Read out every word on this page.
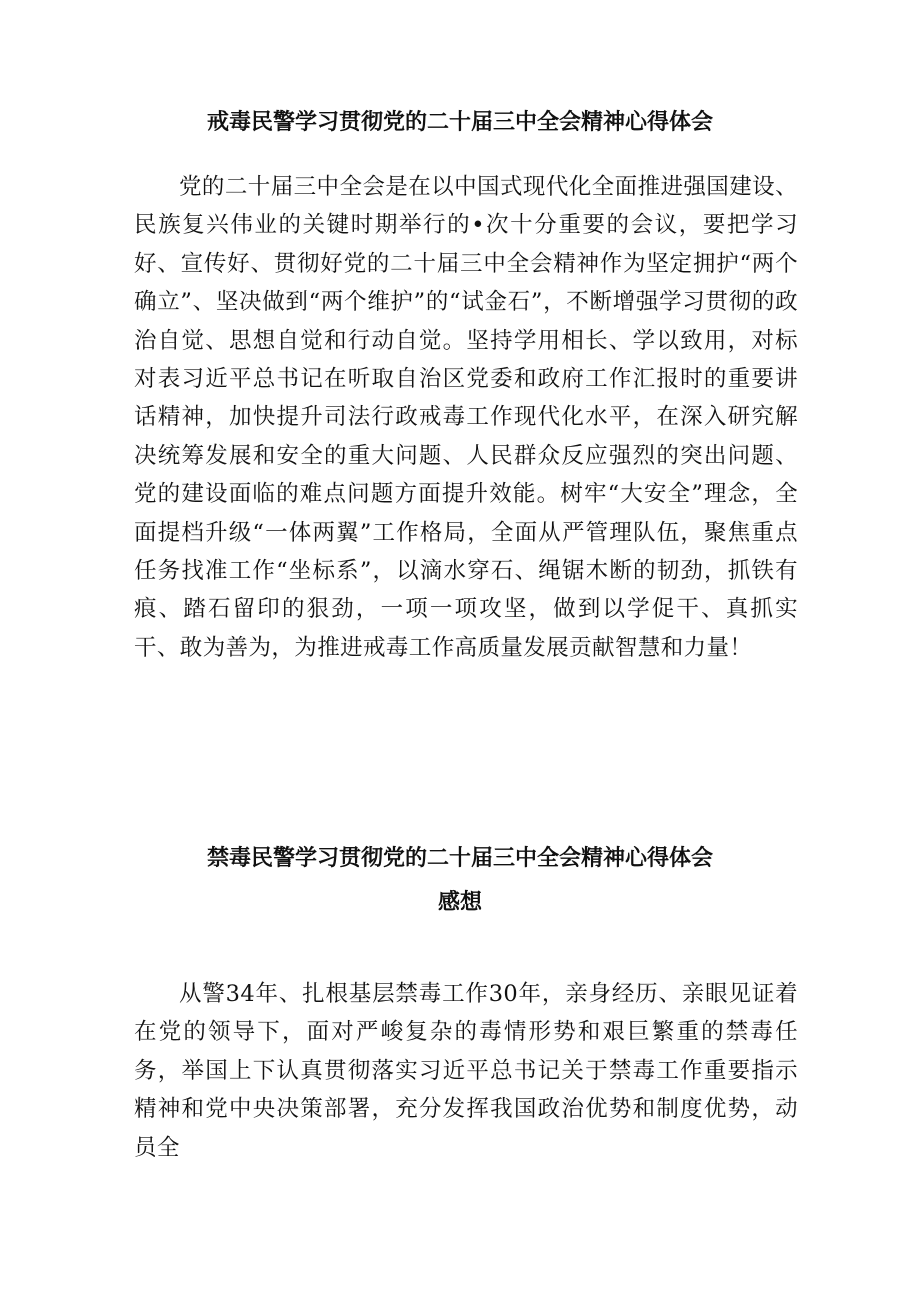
戒毒民警学习贯彻党的二十届三中全会精神心得体会

党的二十届三中全会是在以中国式现代化全面推进强国建设、民族复兴伟业的关键时期举行的•次十分重要的会议，要把学习好、宣传好、贯彻好党的二十届三中全会精神作为坚定拥护“两个确立”、坚决做到“两个维护”的“试金石”，不断增强学习贯彻的政治自觉、思想自觉和行动自觉。坚持学用相长、学以致用，对标对表习近平总书记在听取自治区党委和政府工作汇报时的重要讲话精神，加快提升司法行政戒毒工作现代化水平，在深入研究解决统筹发展和安全的重大问题、人民群众反应强烈的突出问题、党的建设面临的难点问题方面提升效能。树牢“大安全”理念，全面提档升级“一体两翼”工作格局，全面从严管理队伍，聚焦重点任务找准工作“坐标系”，以滴水穿石、绳锯木断的韧劲，抓铁有痕、踏石留印的狠劲，一项一项攻坚，做到以学促干、真抓实干、敢为善为，为推进戒毒工作高质量发展贡献智慧和力量！

禁毒民警学习贯彻党的二十届三中全会精神心得体会
感想

从警34年、扎根基层禁毒工作30年，亲身经历、亲眼见证着在党的领导下，面对严峻复杂的毒情形势和艰巨繁重的禁毒任务，举国上下认真贯彻落实习近平总书记关于禁毒工作重要指示精神和党中央决策部署，充分发挥我国政治优势和制度优势，动员全
